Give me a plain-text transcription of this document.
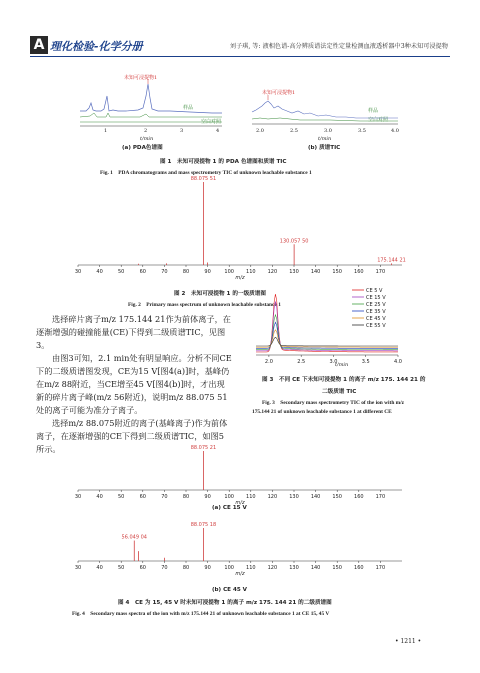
A 理化检验-化学分册	刘子琪, 等: 液相色谱-高分辨质谱法定性定量检测血液透析器中3种未知可浸提物
未知可浸提物1
样品
空白对照
1	2	3	4
t/min
(a) PDA色谱图
未知可浸提物1
样品
空白对照
2.0	2.5	3.0	3.5	4.0
t/min
(b) 质谱TIC
图 1　未知可浸提物 1 的 PDA 色谱图和质谱 TIC
Fig. 1　PDA chromatograms and mass spectrometry TIC of unknown leachable substance 1
30	40	50	60	70	80	90	100 110 120 130 140 150 160 170
m/z
88.075 51
130.057 50
175.144 21
图 2　未知可浸提物 1 的一级质谱图
Fig. 2　Primary mass spectrum of unknown leachable substance 1

选择碎片离子m/z 175.144 21作为前体离子，在逐渐增强的碰撞能量(CE)下得到二级质谱TIC，见图3。

由图3可知，2.1 min处有明显响应。分析不同CE下的二级质谱图发现，CE为15 V[图4(a)]时，基峰仍在m/z 88附近，当CE增至45 V[图4(b)]时，才出现新的碎片离子峰(m/z 56附近)，说明m/z 88.075 51处的离子可能为准分子离子。

选择m/z 88.075附近的离子(基峰离子)作为前体离子，在逐渐增强的CE下得到二级质谱TIC，如图5所示。

2.0	2.5	3.0	3.5	4.0
CE 5 V
CE 15 V
CE 25 V
CE 35 V
CE 45 V
CE 55 V
t/min
图 3　不同 CE 下未知可浸提物 1 的离子 m/z 175. 144 21 的
二级质谱 TIC
Fig. 3　Secondary mass spectrometry TIC of the ion with m/z
175.144 21 of unknown leachable substance 1 at different CE
30	40	50	60	70	80	90	100 110 120 130 140 150 160 170
m/z
88.075 21
30	40	50	60	70	80	90	100 110 120 130 140 150 160 170
m/z
88.075 18
56.049 04
(a) CE 15 V
(b) CE 45 V
图 4　CE 为 15, 45 V 时未知可浸提物 1 的离子 m/z 175. 144 21 的二级质谱图
Fig. 4　Secondary mass spectra of the ion with m/z 175.144 21 of unknown leachable substance 1 at CE 15, 45 V
• 1211 •
